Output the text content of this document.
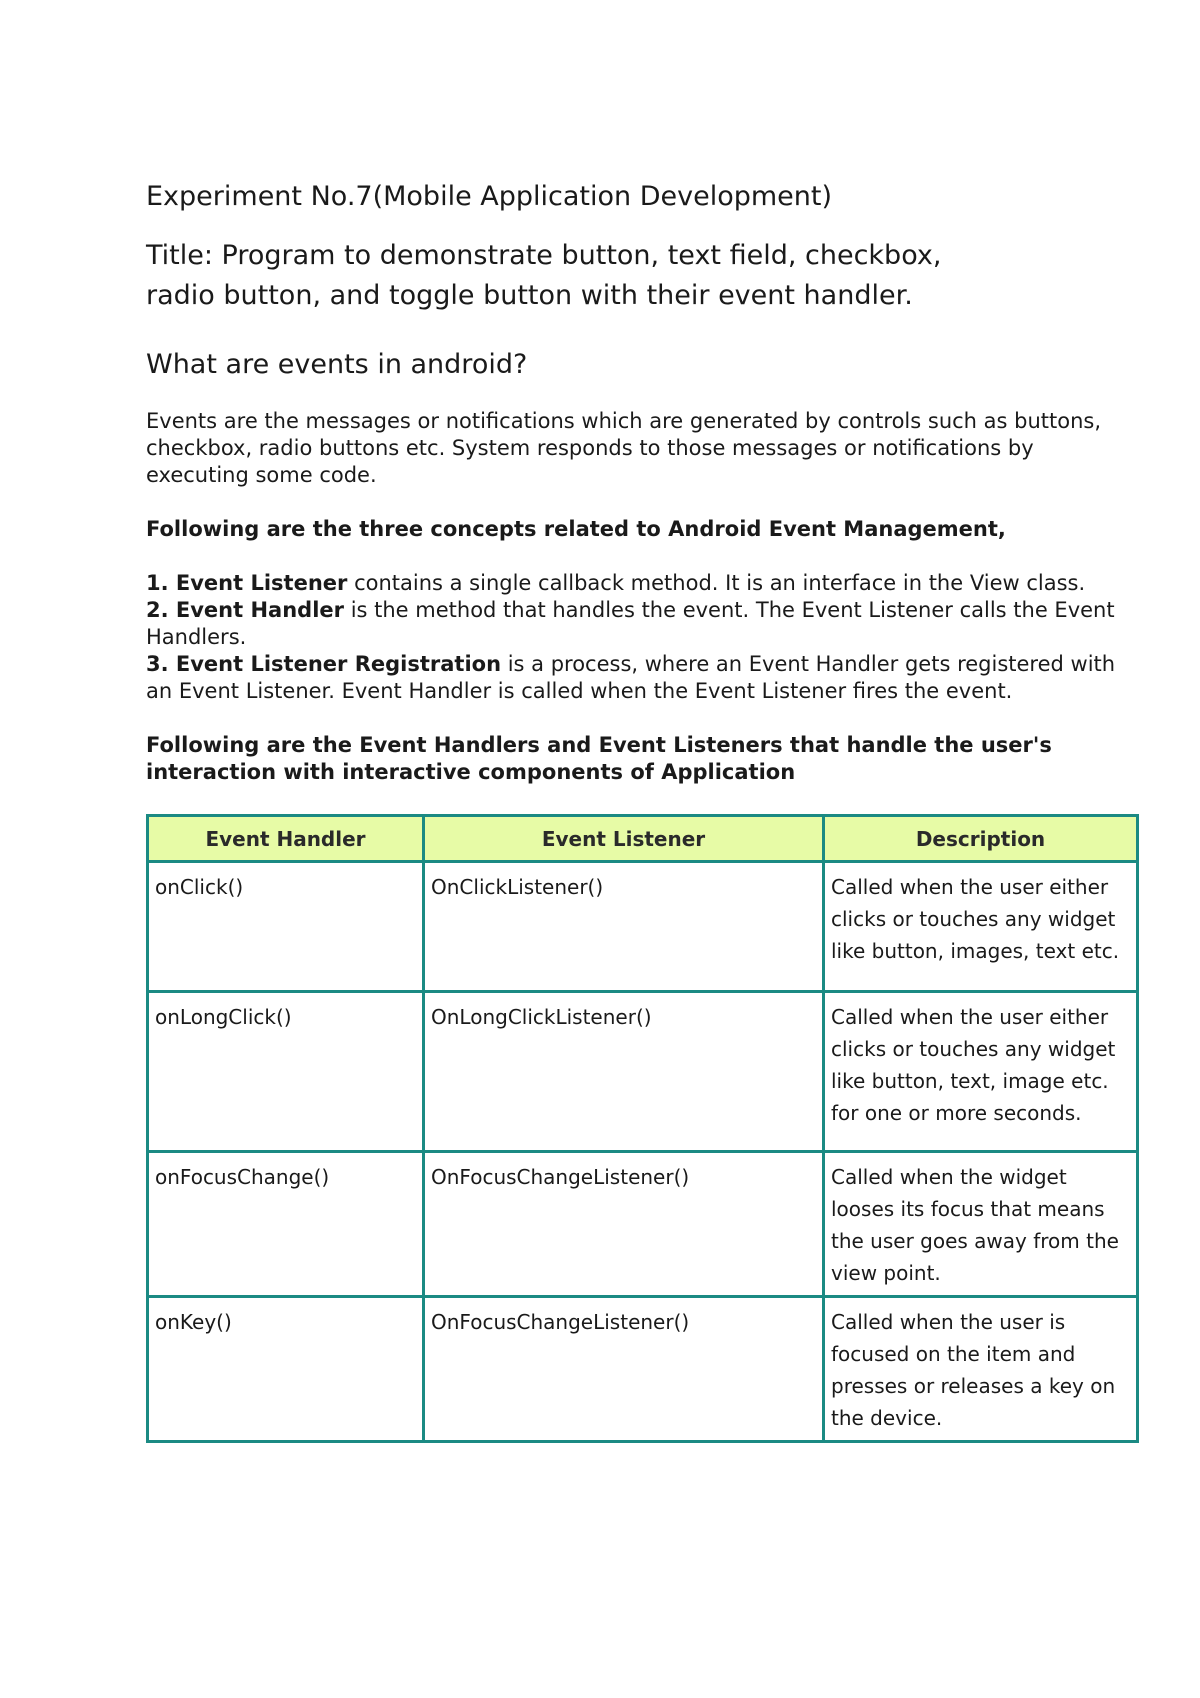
Experiment No.7(Mobile Application Development)
Title: Program to demonstrate button, text field, checkbox,
radio button, and toggle button with their event handler.
What are events in android?

Events are the messages or notifications which are generated by controls such as buttons, checkbox, radio buttons etc. System responds to those messages or notifications by executing some code.

Following are the three concepts related to Android Event Management,

1. Event Listener contains a single callback method. It is an interface in the View class.

2. Event Handler is the method that handles the event. The Event Listener calls the Event Handlers.

3. Event Listener Registration is a process, where an Event Handler gets registered with an Event Listener. Event Handler is called when the Event Listener fires the event.

Following are the Event Handlers and Event Listeners that handle the user's interaction with interactive components of Application

Event Handler	Event Listener	Description
onClick()	OnClickListener()	Called when the user either clicks or touches any widget like button, images, text etc.
onLongClick()	OnLongClickListener()	Called when the user either clicks or touches any widget like button, text, image etc. for one or more seconds.
onFocusChange()	OnFocusChangeListener()	Called when the widget looses its focus that means the user goes away from the view point.
onKey()	OnFocusChangeListener()	Called when the user is focused on the item and presses or releases a key on the device.
